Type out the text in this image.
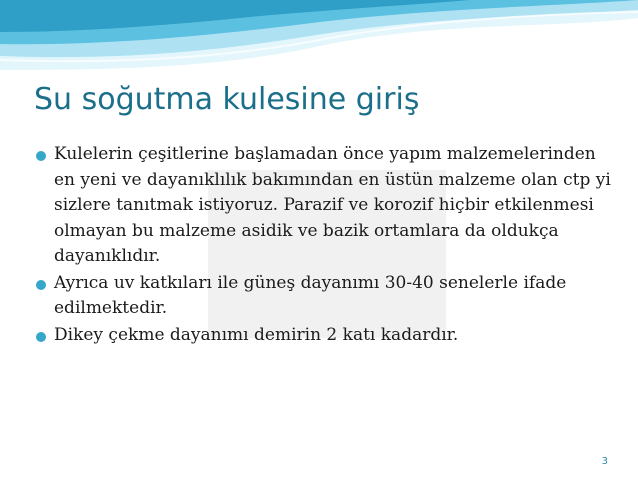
Su soğutma kulesine giriş
Kulelerin çeşitlerine başlamadan önce yapım malzemelerinden en yeni ve dayanıklılık bakımından en üstün malzeme olan ctp yi sizlere tanıtmak istiyoruz. Parazif ve korozif hiçbir etkilenmesi olmayan bu malzeme asidik ve bazik ortamlara da oldukça dayanıklıdır.
Ayrıca uv katkıları ile güneş dayanımı 30-40 senelerle ifade edilmektedir.
Dikey çekme dayanımı demirin 2 katı kadardır.
3
